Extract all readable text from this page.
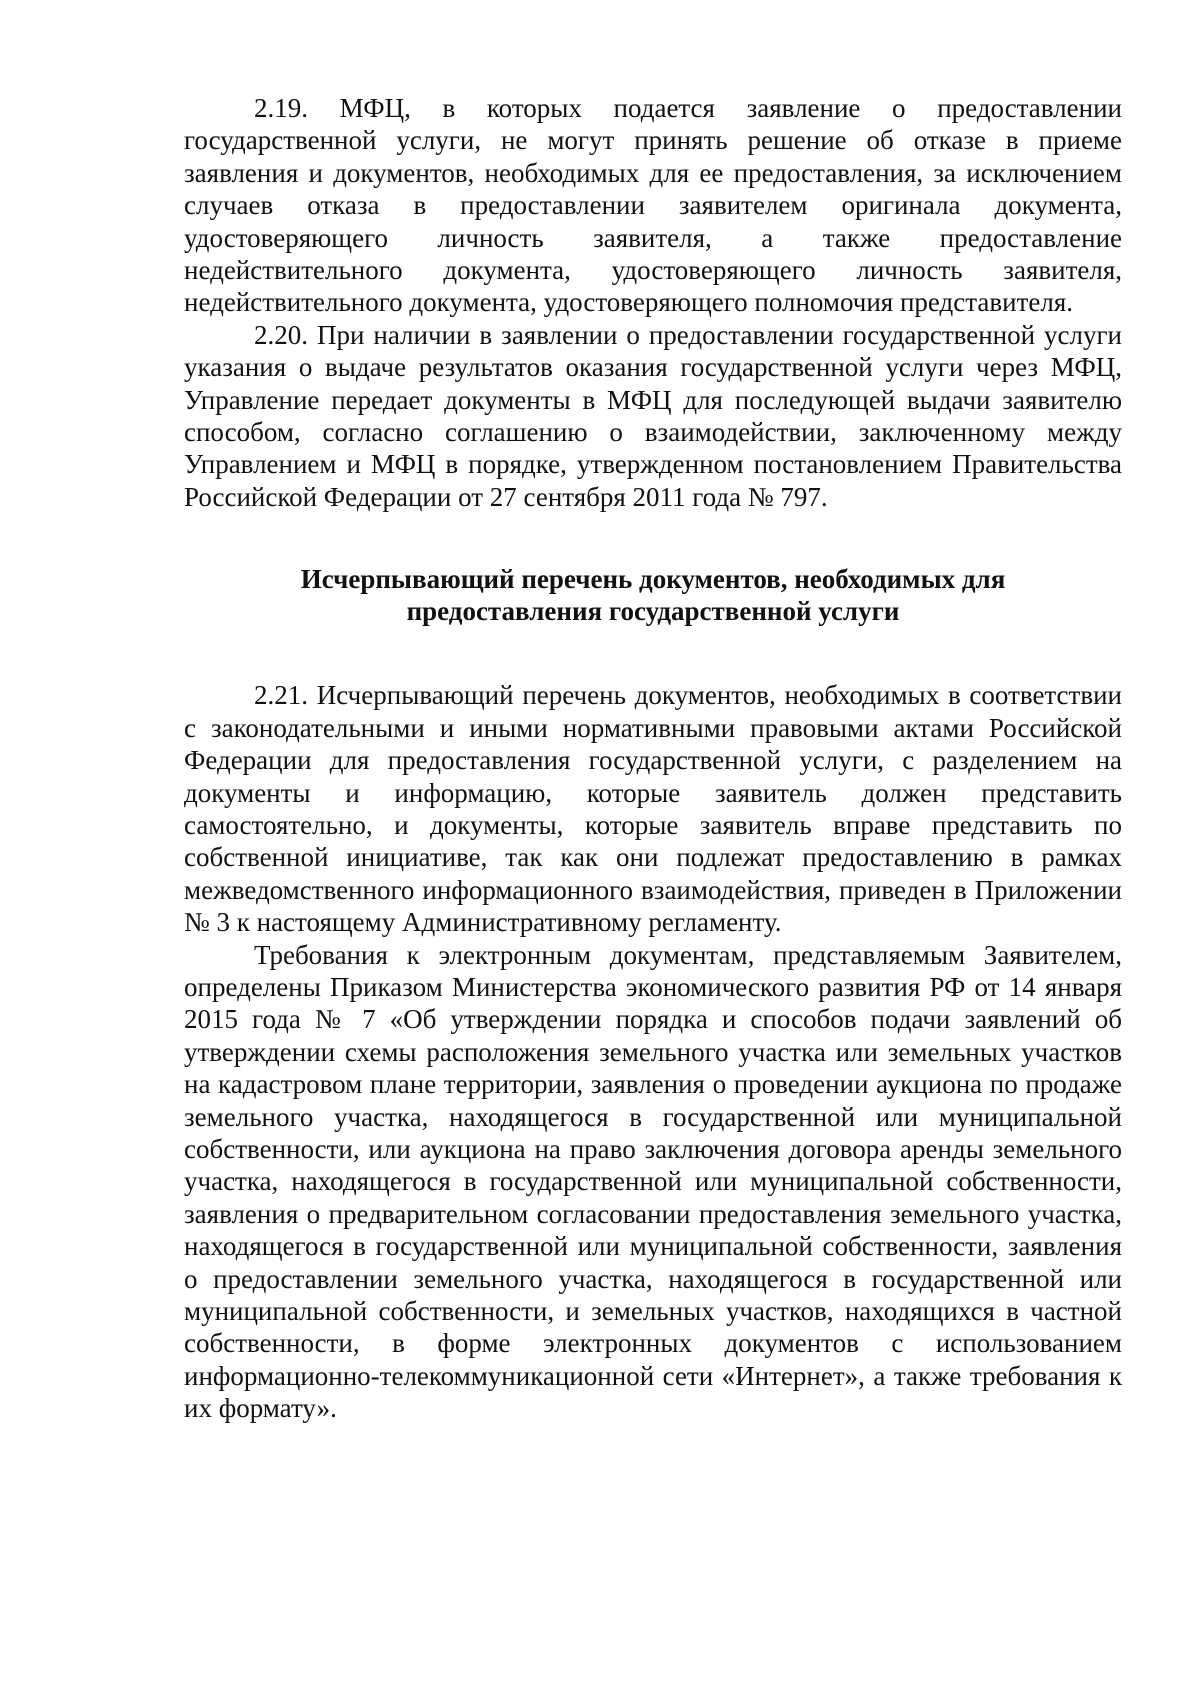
2.19. МФЦ, в которых подается заявление о предоставлении государственной услуги, не могут принять решение об отказе в приеме заявления и документов, необходимых для ее предоставления, за исключением случаев отказа в предоставлении заявителем оригинала документа, удостоверяющего личность заявителя, а также предоставление недействительного документа, удостоверяющего личность заявителя, недействительного документа, удостоверяющего полномочия представителя.

2.20. При наличии в заявлении о предоставлении государственной услуги указания о выдаче результатов оказания государственной услуги через МФЦ, Управление передает документы в МФЦ для последующей выдачи заявителю способом, согласно соглашению о взаимодействии, заключенному между Управлением и МФЦ в порядке, утвержденном постановлением Правительства Российской Федерации от 27 сентября 2011 года № 797.

Исчерпывающий перечень документов, необходимых для

предоставления государственной услуги

2.21. Исчерпывающий перечень документов, необходимых в соответствии с законодательными и иными нормативными правовыми актами Российской Федерации для предоставления государственной услуги, с разделением на документы и информацию, которые заявитель должен представить самостоятельно, и документы, которые заявитель вправе представить по собственной инициативе, так как они подлежат предоставлению в рамках межведомственного информационного взаимодействия, приведен в Приложении № 3 к настоящему Административному регламенту.

Требования к электронным документам, представляемым Заявителем, определены Приказом Министерства экономического развития РФ от 14 января 2015 года № 7 «Об утверждении порядка и способов подачи заявлений об утверждении схемы расположения земельного участка или земельных участков на кадастровом плане территории, заявления о проведении аукциона по продаже земельного участка, находящегося в государственной или муниципальной собственности, или аукциона на право заключения договора аренды земельного участка, находящегося в государственной или муниципальной собственности, заявления о предварительном согласовании предоставления земельного участка, находящегося в государственной или муниципальной собственности, заявления о предоставлении земельного участка, находящегося в государственной или муниципальной собственности, и земельных участков, находящихся в частной собственности, в форме электронных документов с использованием информационно-телекоммуникационной сети «Интернет», а также требования к их формату».
